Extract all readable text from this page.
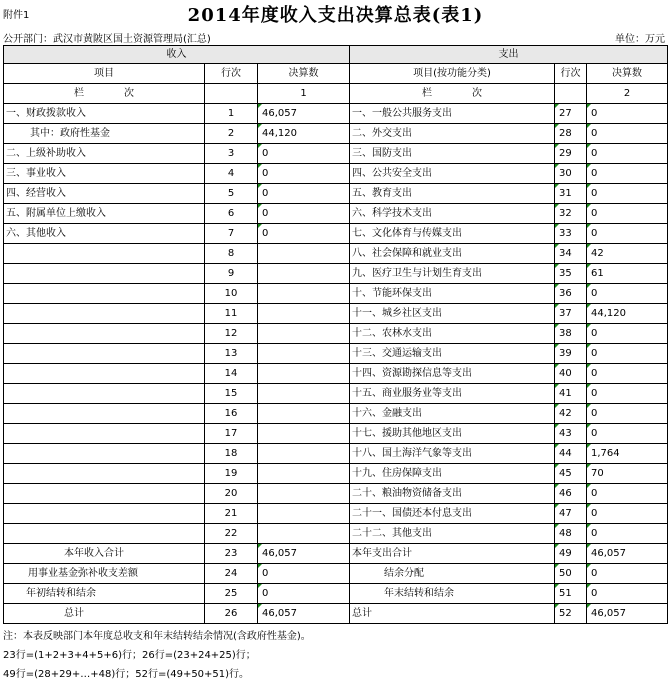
附件1	2014年度收入支出决算总表(表1)
公开部门：武汉市黄陂区国土资源管理局(汇总)	单位：万元
收入			支出		
项目	行次	决算数	项目(按功能分类)	行次	决算数
栏　　　　次		1	栏　　　　次		2
一、财政拨款收入	1	46,057	一、一般公共服务支出	27	0
其中：政府性基金	2	44,120	二、外交支出	28	0
二、上级补助收入	3	0	三、国防支出	29	0
三、事业收入	4	0	四、公共安全支出	30	0
四、经营收入	5	0	五、教育支出	31	0
五、附属单位上缴收入	6	0	六、科学技术支出	32	0
六、其他收入	7	0	七、文化体育与传媒支出	33	0
	8		八、社会保障和就业支出	34	42
	9		九、医疗卫生与计划生育支出	35	61
	10		十、节能环保支出	36	0
	11		十一、城乡社区支出	37	44,120
	12		十二、农林水支出	38	0
	13		十三、交通运输支出	39	0
	14		十四、资源勘探信息等支出	40	0
	15		十五、商业服务业等支出	41	0
	16		十六、金融支出	42	0
	17		十七、援助其他地区支出	43	0
	18		十八、国土海洋气象等支出	44	1,764
	19		十九、住房保障支出	45	70
	20		二十、粮油物资储备支出	46	0
	21		二十一、国债还本付息支出	47	0
	22		二十二、其他支出	48	0
本年收入合计	23	46,057	本年支出合计	49	46,057
用事业基金弥补收支差额	24	0	结余分配	50	0
年初结转和结余	25	0	年末结转和结余	51	0
总计	26	46,057	总计	52	46,057
注：本表反映部门本年度总收支和年末结转结余情况(含政府性基金)。
23行=(1+2+3+4+5+6)行；26行=(23+24+25)行；
49行=(28+29+…+48)行；52行=(49+50+51)行。
